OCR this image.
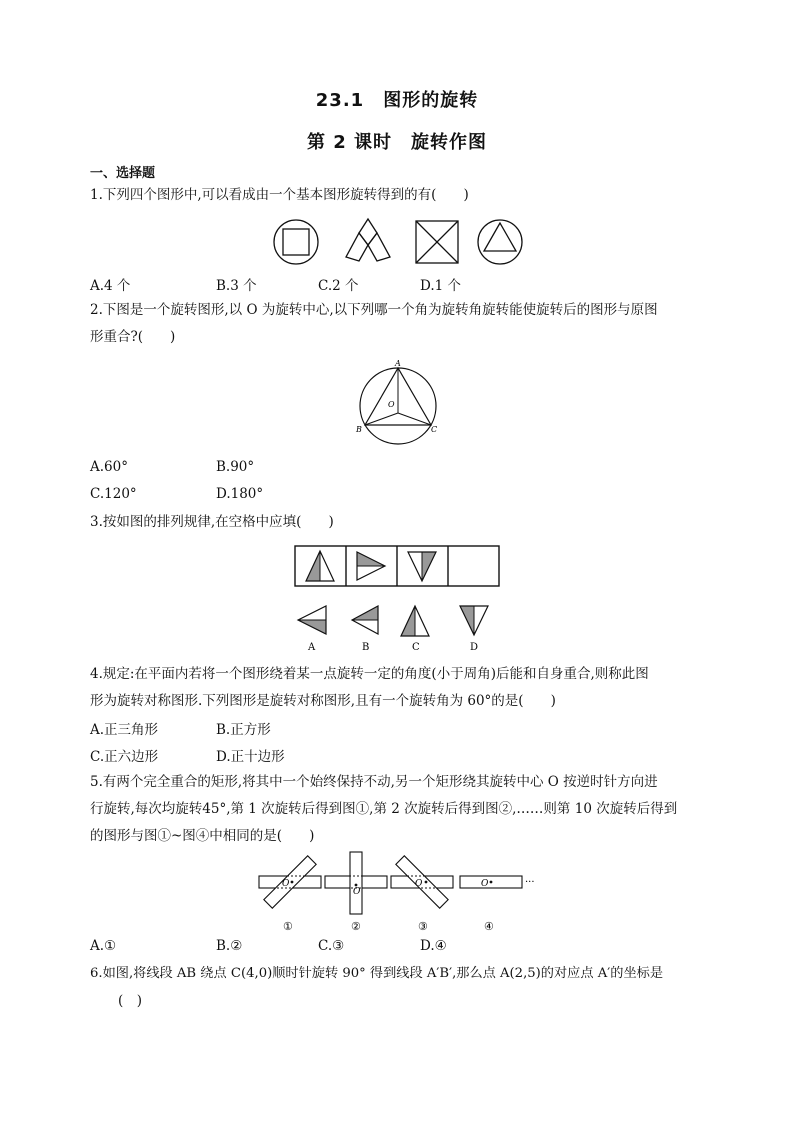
23.1　图形的旋转
第 2 课时　旋转作图
一、选择题
1.下列四个图形中,可以看成由一个基本图形旋转得到的有(　　)
A.4 个	B.3 个	C.2 个	D.1 个
2.下图是一个旋转图形,以 O 为旋转中心,以下列哪一个角为旋转角旋转能使旋转后的图形与原图
形重合?(　　)
A
O
B	C
A.60°	B.90°
C.120°	D.180°
3.按如图的排列规律,在空格中应填(　　)
A	B	C	D
4.规定:在平面内若将一个图形绕着某一点旋转一定的角度(小于周角)后能和自身重合,则称此图
形为旋转对称图形.下列图形是旋转对称图形,且有一个旋转角为 60°的是(　　)
A.正三角形	B.正方形
C.正六边形	D.正十边形
5.有两个完全重合的矩形,将其中一个始终保持不动,另一个矩形绕其旋转中心 O 按逆时针方向进
行旋转,每次均旋转45°,第 1 次旋转后得到图①,第 2 次旋转后得到图②,……则第 10 次旋转后得到
的图形与图①~图④中相同的是(　　)
O
O
O	O	···
①	②	③	④
A.①	B.②	C.③	D.④
6.如图,将线段 AB 绕点 C(4,0)顺时针旋转 90° 得到线段 A′B′,那么点 A(2,5)的对应点 A′的坐标是
(　)
